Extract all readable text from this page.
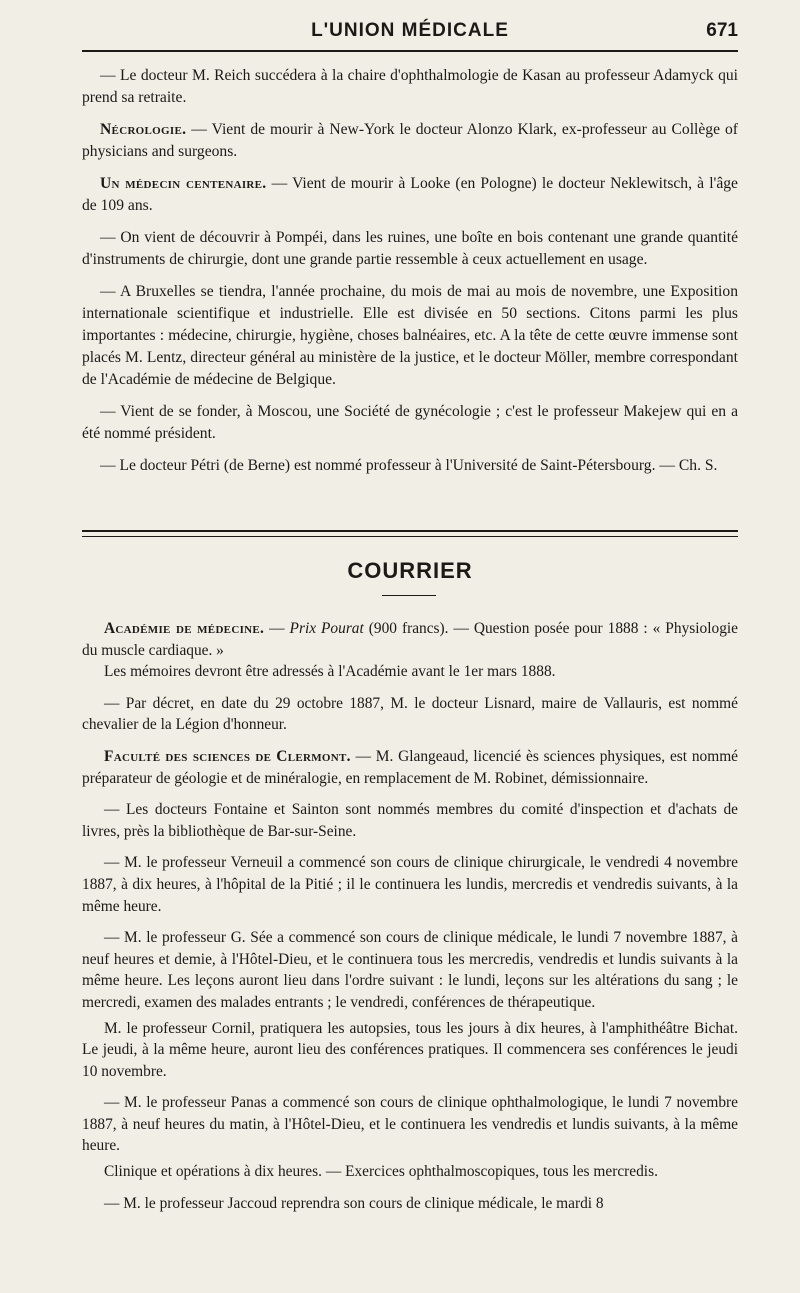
L'UNION MÉDICALE	671

— Le docteur M. Reich succédera à la chaire d'ophthalmologie de Kasan au professeur Adamyck qui prend sa retraite.

Nécrologie. — Vient de mourir à New-York le docteur Alonzo Klark, ex-professeur au Collège of physicians and surgeons.

Un médecin centenaire. — Vient de mourir à Looke (en Pologne) le docteur Neklewitsch, à l'âge de 109 ans.

— On vient de découvrir à Pompéi, dans les ruines, une boîte en bois contenant une grande quantité d'instruments de chirurgie, dont une grande partie ressemble à ceux actuellement en usage.

— A Bruxelles se tiendra, l'année prochaine, du mois de mai au mois de novembre, une Exposition internationale scientifique et industrielle. Elle est divisée en 50 sections. Citons parmi les plus importantes : médecine, chirurgie, hygiène, choses balnéaires, etc. A la tête de cette œuvre immense sont placés M. Lentz, directeur général au ministère de la justice, et le docteur Möller, membre correspondant de l'Académie de médecine de Belgique.

— Vient de se fonder, à Moscou, une Société de gynécologie ; c'est le professeur Makejew qui en a été nommé président.

— Le docteur Pétri (de Berne) est nommé professeur à l'Université de Saint-Pétersbourg. — Ch. S.

COURRIER

Académie de médecine. — Prix Pourat (900 francs). — Question posée pour 1888 : « Physiologie du muscle cardiaque. »

Les mémoires devront être adressés à l'Académie avant le 1er mars 1888.

— Par décret, en date du 29 octobre 1887, M. le docteur Lisnard, maire de Vallauris, est nommé chevalier de la Légion d'honneur.

Faculté des sciences de Clermont. — M. Glangeaud, licencié ès sciences physiques, est nommé préparateur de géologie et de minéralogie, en remplacement de M. Robinet, démissionnaire.

— Les docteurs Fontaine et Sainton sont nommés membres du comité d'inspection et d'achats de livres, près la bibliothèque de Bar-sur-Seine.

— M. le professeur Verneuil a commencé son cours de clinique chirurgicale, le vendredi 4 novembre 1887, à dix heures, à l'hôpital de la Pitié ; il le continuera les lundis, mercredis et vendredis suivants, à la même heure.

— M. le professeur G. Sée a commencé son cours de clinique médicale, le lundi 7 novembre 1887, à neuf heures et demie, à l'Hôtel-Dieu, et le continuera tous les mercredis, vendredis et lundis suivants à la même heure. Les leçons auront lieu dans l'ordre suivant : le lundi, leçons sur les altérations du sang ; le mercredi, examen des malades entrants ; le vendredi, conférences de thérapeutique.

M. le professeur Cornil, pratiquera les autopsies, tous les jours à dix heures, à l'amphithéâtre Bichat. Le jeudi, à la même heure, auront lieu des conférences pratiques. Il commencera ses conférences le jeudi 10 novembre.

— M. le professeur Panas a commencé son cours de clinique ophthalmologique, le lundi 7 novembre 1887, à neuf heures du matin, à l'Hôtel-Dieu, et le continuera les vendredis et lundis suivants, à la même heure.

Clinique et opérations à dix heures. — Exercices ophthalmoscopiques, tous les mercredis.

— M. le professeur Jaccoud reprendra son cours de clinique médicale, le mardi 8
